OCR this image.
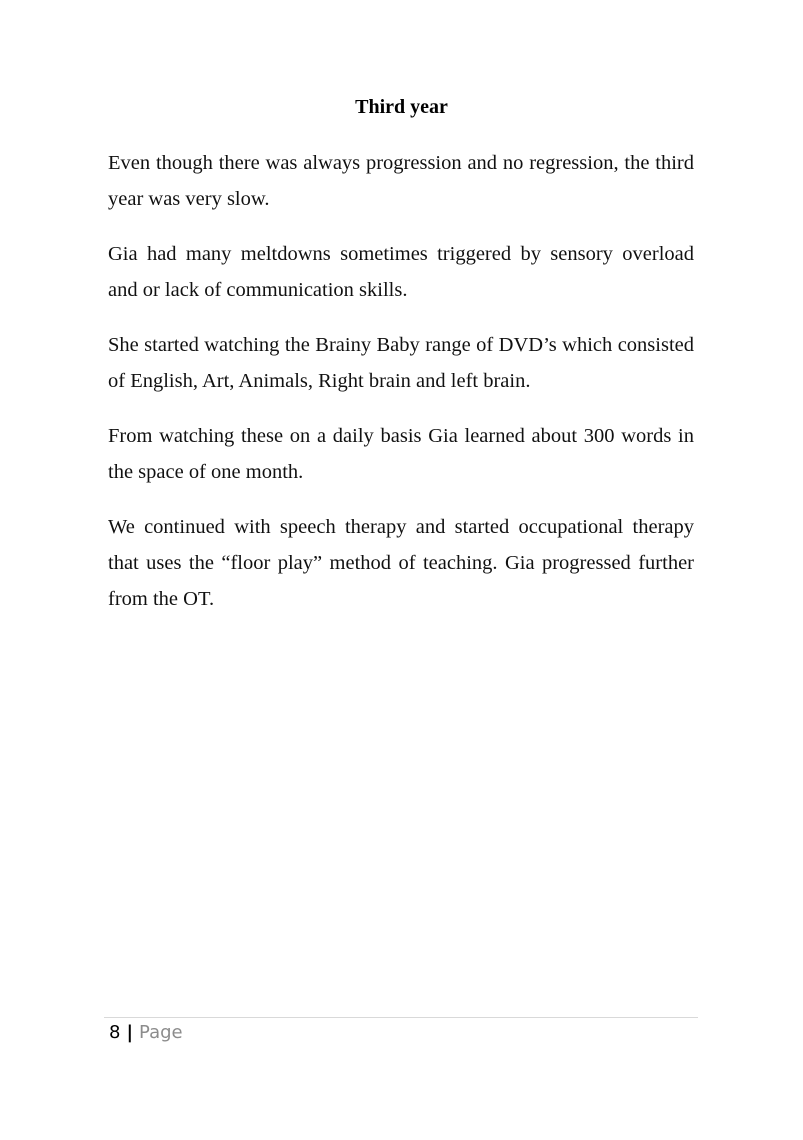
Third year

Even though there was always progression and no regression, the third year was very slow.

Gia had many meltdowns sometimes triggered by sensory overload and or lack of communication skills.

She started watching the Brainy Baby range of DVD’s which consisted of English, Art, Animals, Right brain and left brain.

From watching these on a daily basis Gia learned about 300 words in the space of one month.

We continued with speech therapy and started occupational therapy that uses the “floor play” method of teaching. Gia progressed further from the OT.

8 | Page
